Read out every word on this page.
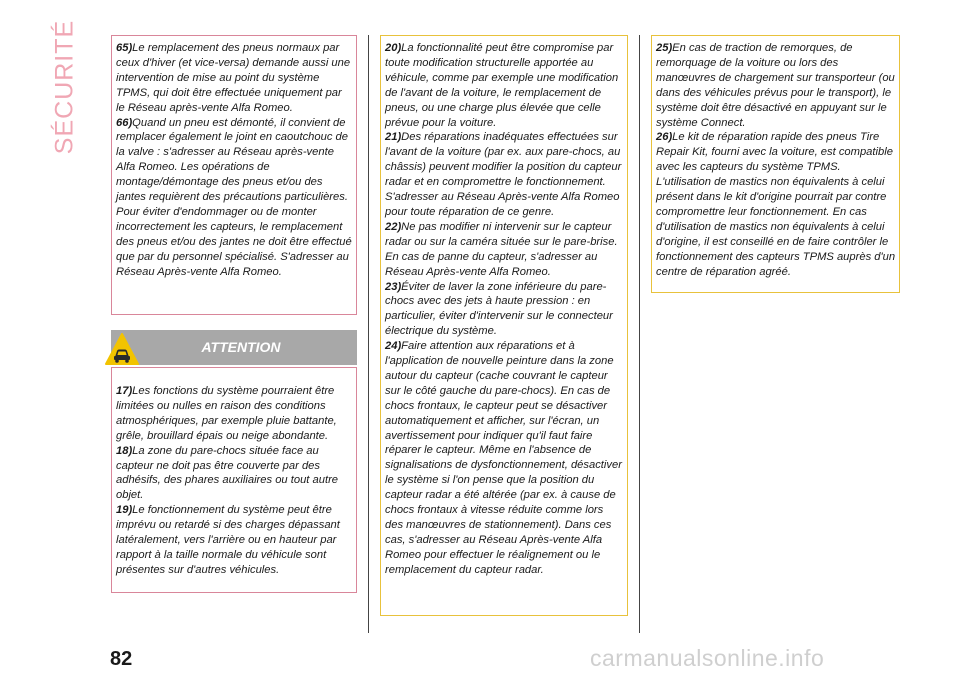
SÉCURITÉ	65)Le remplacement des pneus normaux par ceux d'hiver (et vice-versa) demande aussi une intervention de mise au point du système TPMS, qui doit être effectuée uniquement par le Réseau après-vente Alfa Romeo.

66)Quand un pneu est démonté, il convient de remplacer également le joint en caoutchouc de la valve : s'adresser au Réseau après-vente Alfa Romeo. Les opérations de montage/démontage des pneus et/ou des jantes requièrent des précautions particulières. Pour éviter d'endommager ou de monter incorrectement les capteurs, le remplacement des pneus et/ou des jantes ne doit être effectué que par du personnel spécialisé. S'adresser au Réseau Après-vente Alfa Romeo.

ATTENTION

17)Les fonctions du système pourraient être limitées ou nulles en raison des conditions atmosphériques, par exemple pluie battante, grêle, brouillard épais ou neige abondante.

18)La zone du pare-chocs située face au capteur ne doit pas être couverte par des adhésifs, des phares auxiliaires ou tout autre objet.

19)Le fonctionnement du système peut être imprévu ou retardé si des charges dépassant latéralement, vers l'arrière ou en hauteur par rapport à la taille normale du véhicule sont présentes sur d'autres véhicules.

20)La fonctionnalité peut être compromise par toute modification structurelle apportée au véhicule, comme par exemple une modification de l'avant de la voiture, le remplacement de pneus, ou une charge plus élevée que celle prévue pour la voiture.

21)Des réparations inadéquates effectuées sur l'avant de la voiture (par ex. aux pare-chocs, au châssis) peuvent modifier la position du capteur radar et en compromettre le fonctionnement. S'adresser au Réseau Après-vente Alfa Romeo pour toute réparation de ce genre.

22)Ne pas modifier ni intervenir sur le capteur radar ou sur la caméra située sur le pare-brise. En cas de panne du capteur, s'adresser au Réseau Après-vente Alfa Romeo.

23)Éviter de laver la zone inférieure du pare-chocs avec des jets à haute pression : en particulier, éviter d'intervenir sur le connecteur électrique du système.

24)Faire attention aux réparations et à l'application de nouvelle peinture dans la zone autour du capteur (cache couvrant le capteur sur le côté gauche du pare-chocs). En cas de chocs frontaux, le capteur peut se désactiver automatiquement et afficher, sur l'écran, un avertissement pour indiquer qu'il faut faire réparer le capteur. Même en l'absence de signalisations de dysfonctionnement, désactiver le système si l'on pense que la position du capteur radar a été altérée (par ex. à cause de chocs frontaux à vitesse réduite comme lors des manœuvres de stationnement). Dans ces cas, s'adresser au Réseau Après-vente Alfa Romeo pour effectuer le réalignement ou le remplacement du capteur radar.

25)En cas de traction de remorques, de remorquage de la voiture ou lors des manœuvres de chargement sur transporteur (ou dans des véhicules prévus pour le transport), le système doit être désactivé en appuyant sur le système Connect.

26)Le kit de réparation rapide des pneus Tire Repair Kit, fourni avec la voiture, est compatible avec les capteurs du système TPMS. L'utilisation de mastics non équivalents à celui présent dans le kit d'origine pourrait par contre compromettre leur fonctionnement. En cas d'utilisation de mastics non équivalents à celui d'origine, il est conseillé en de faire contrôler le fonctionnement des capteurs TPMS auprès d'un centre de réparation agréé.

82	carmanualsonline.info
